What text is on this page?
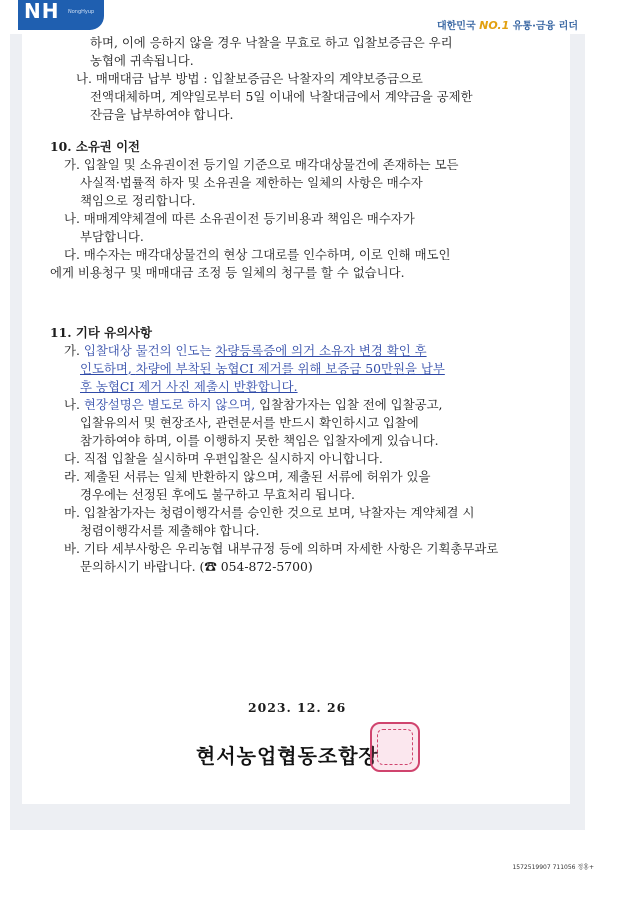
NH NongHyup
대한민국 NO.1 유통·금융 리더
하며, 이에 응하지 않을 경우 낙찰을 무효로 하고 입찰보증금은 우리
농협에 귀속됩니다.
나. 매매대금 납부 방법 : 입찰보증금은 낙찰자의 계약보증금으로
전액대체하며, 계약일로부터 5일 이내에 낙찰대금에서 계약금을 공제한
잔금을 납부하여야 합니다.
10. 소유권 이전
가. 입찰일 및 소유권이전 등기일 기준으로 매각대상물건에 존재하는 모든
사실적·법률적 하자 및 소유권을 제한하는 일체의 사항은 매수자
책임으로 정리합니다.
나. 매매계약체결에 따른 소유권이전 등기비용과 책임은 매수자가
부담합니다.
다. 매수자는 매각대상물건의 현상 그대로를 인수하며, 이로 인해 매도인
에게 비용청구 및 매매대금 조정 등 일체의 청구를 할 수 없습니다.
11. 기타 유의사항
가. 입찰대상 물건의 인도는 차량등록증에 의거 소유자 변경 확인 후
인도하며, 차량에 부착된 농협CI 제거를 위해 보증금 50만원을 납부
후 농협CI 제거 사진 제출시 반환합니다.
나. 현장설명은 별도로 하지 않으며, 입찰참가자는 입찰 전에 입찰공고,
입찰유의서 및 현장조사, 관련문서를 반드시 확인하시고 입찰에
참가하여야 하며, 이를 이행하지 못한 책임은 입찰자에게 있습니다.
다. 직접 입찰을 실시하며 우편입찰은 실시하지 아니합니다.
라. 제출된 서류는 일체 반환하지 않으며, 제출된 서류에 허위가 있을
경우에는 선정된 후에도 불구하고 무효처리 됩니다.
마. 입찰참가자는 청렴이행각서를 승인한 것으로 보며, 낙찰자는 계약체결 시
청렴이행각서를 제출해야 합니다.
바. 기타 세부사항은 우리농협 내부규정 등에 의하며 자세한 사항은 기획총무과로
문의하시기 바랍니다. (☎ 054-872-5700)
2023. 12. 26
현서농업협동조합장
1572519907 711056 정홍+
